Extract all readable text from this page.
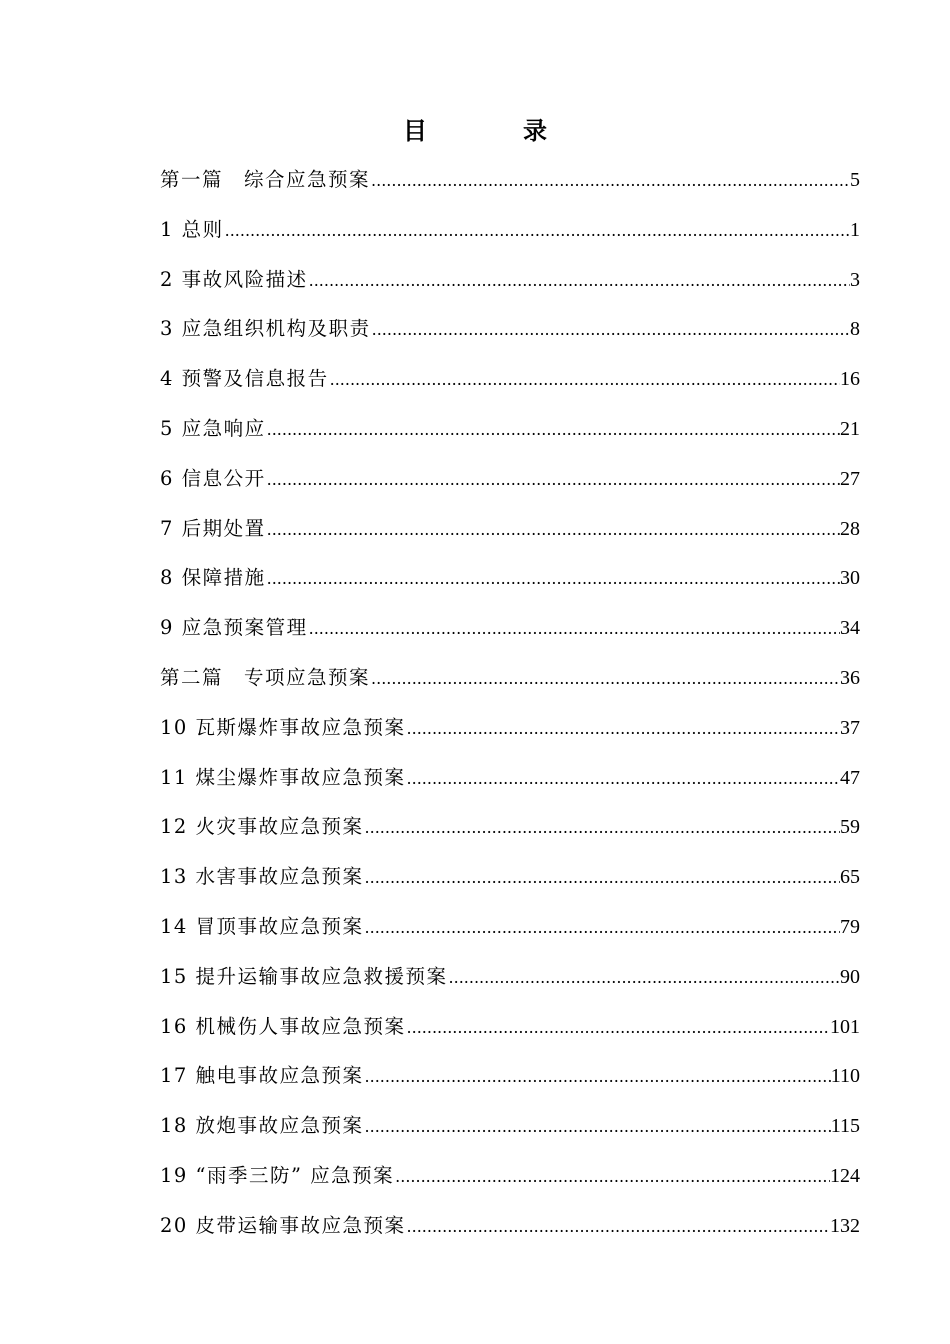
目　录
第一篇　综合应急预案 .....	5
1 总则 .....	1
2 事故风险描述 .....	3
3 应急组织机构及职责 .....	8
4 预警及信息报告 .....	16
5 应急响应 .....	21
6 信息公开 .....	27
7 后期处置 .....	28
8 保障措施 .....	30
9 应急预案管理 .....	34
第二篇　专项应急预案 .....	36
10 瓦斯爆炸事故应急预案 .....	37
11 煤尘爆炸事故应急预案 .....	47
12 火灾事故应急预案 .....	59
13 水害事故应急预案 .....	65
14 冒顶事故应急预案 .....	79
15 提升运输事故应急救援预案 .....	90
16 机械伤人事故应急预案 .....	101
17 触电事故应急预案 .....	110
18 放炮事故应急预案 .....	115
19 “雨季三防” 应急预案 .....	124
20 皮带运输事故应急预案 .....	132
